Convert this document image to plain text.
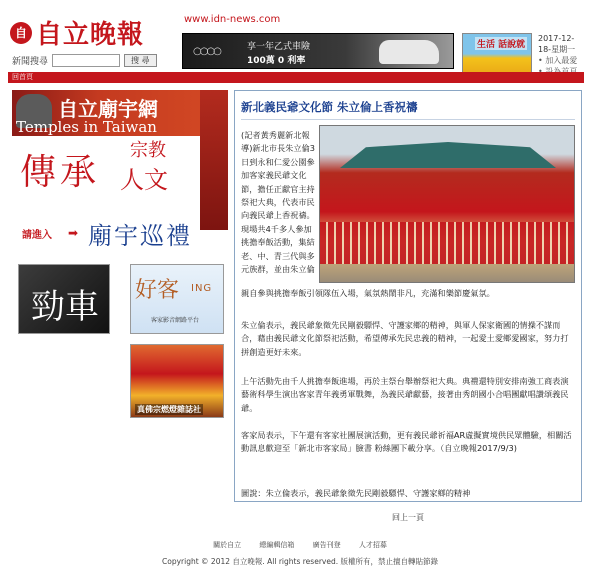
自 自立晚報
www.idn-news.com
新聞搜尋	搜 尋
○○○○	享一年乙式車險
100萬 0 利率
生活 話說就
2017-12-
18-星期一
• 加入最愛
回首頁
自立廟宇網
Temples in Taiwan
傳承
宗教
人文
請進入 ➡ 廟宇巡禮
勁車 好客 ING
客家影音網路平台
真佛宗燃燈雜誌社
新北義民爺文化節 朱立倫上香祝禱
(記者黃秀麗新北報導)新北市長朱立倫3日到永和仁愛公園參加客家義民爺文化節，擔任正獻官主持祭祀大典，代表市民向義民爺上香祝禱。現場共4千多人參加挑擔奉飯活動，集結老、中、青三代與多元族群，並由朱立倫
親自參與挑擔奉飯引領隊伍入場，氣氛熱鬧非凡，充滿和樂節慶氣氛。
朱立倫表示，義民爺象徵先民剛毅驃悍、守護家鄉的精神，與軍人保家衛國的情操不謀而合，藉由義民爺文化節祭祀活動，希望傳承先民忠義的精神，一起愛土愛鄉愛國家，努力打拼創造更好未來。
上午活動先由千人挑擔奉飯進場，再於主祭台舉辦祭祀大典。典禮還特別安排南強工商表演藝術科學生演出客家青年義勇軍戰舞，為義民爺獻藝，接著由秀朗國小合唱團獻唱讚頌義民爺。
客家局表示，下午還有客家社團展演活動，更有義民爺祈福AR虛擬實境供民眾體驗，相關活動訊息歡迎至「新北市客家局」臉書 粉絲團下載分享。（自立晚報2017/9/3)
圖說：朱立倫表示，義民爺象徵先民剛毅驃悍、守護家鄉的精神
回上一頁
關於自立	總編輯信箱	廣告刊登	人才招募
Copyright © 2012 自立晚報. All rights reserved. 版權所有，禁止擅自轉貼節錄
